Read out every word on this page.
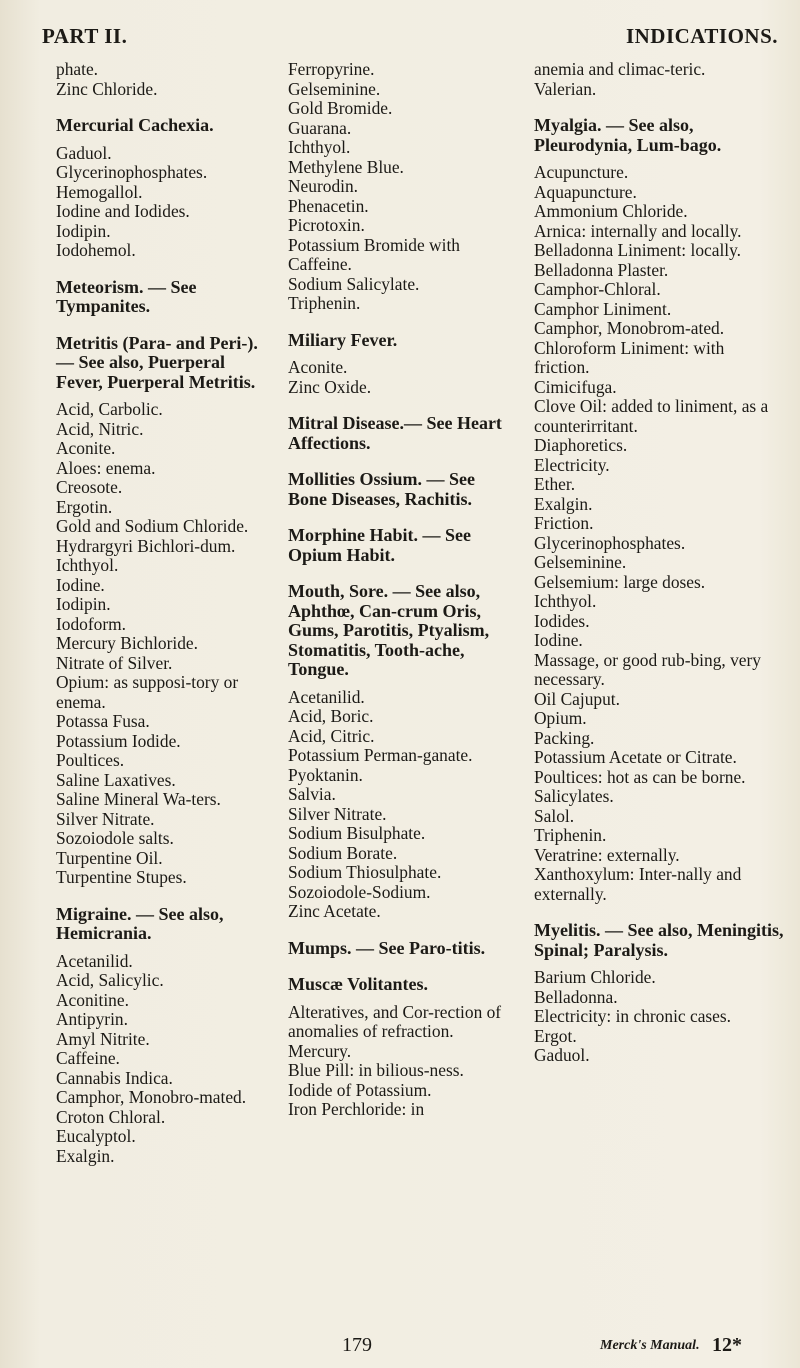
PART II.	INDICATIONS.
phate.
Zinc Chloride.
Mercurial Cachexia.
Gaduol.
Glycerinophosphates.
Hemogallol.
Iodine and Iodides.
Iodipin.
Iodohemol.
Meteorism. — See Tympanites.
Metritis (Para- and Peri-). — See also, Puerperal Fever, Puerperal Metritis.
Acid, Carbolic.
Acid, Nitric.
Aconite.
Aloes: enema.
Creosote.
Ergotin.
Gold and Sodium Chloride.
Hydrargyri Bichlori-dum.
Ichthyol.
Iodine.
Iodipin.
Iodoform.
Mercury Bichloride.
Nitrate of Silver.
Opium: as supposi-tory or enema.
Potassa Fusa.
Potassium Iodide.
Poultices.
Saline Laxatives.
Saline Mineral Wa-ters.
Silver Nitrate.
Sozoiodole salts.
Turpentine Oil.
Turpentine Stupes.
Migraine. — See also, Hemicrania.
Acetanilid.
Acid, Salicylic.
Aconitine.
Antipyrin.
Amyl Nitrite.
Caffeine.
Cannabis Indica.
Camphor, Monobro-mated.
Croton Chloral.
Eucalyptol.
Exalgin.
Ferropyrine.
Gelseminine.
Gold Bromide.
Guarana.
Ichthyol.
Methylene Blue.
Neurodin.
Phenacetin.
Picrotoxin.
Potassium Bromide with Caffeine.
Sodium Salicylate.
Triphenin.
Miliary Fever.
Aconite.
Zinc Oxide.
Mitral Disease.— See Heart Affections.
Mollities Ossium. — See Bone Diseases, Rachitis.
Morphine Habit. — See Opium Habit.
Mouth, Sore. — See also, Aphthœ, Can-crum Oris, Gums, Parotitis, Ptyalism, Stomatitis, Tooth-ache, Tongue.
Acetanilid.
Acid, Boric.
Acid, Citric.
Potassium Perman-ganate.
Pyoktanin.
Salvia.
Silver Nitrate.
Sodium Bisulphate.
Sodium Borate.
Sodium Thiosulphate.
Sozoiodole-Sodium.
Zinc Acetate.
Mumps. — See Paro-titis.
Muscæ Volitantes.
Alteratives, and Cor-rection of anomalies of refraction.
Mercury.
Blue Pill: in bilious-ness.
Iodide of Potassium.
Iron Perchloride: in
anemia and climac-teric.
Valerian.
Myalgia. — See also, Pleurodynia, Lum-bago.
Acupuncture.
Aquapuncture.
Ammonium Chloride.
Arnica: internally and locally.
Belladonna Liniment: locally.
Belladonna Plaster.
Camphor-Chloral.
Camphor Liniment.
Camphor, Monobrom-ated.
Chloroform Liniment: with friction.
Cimicifuga.
Clove Oil: added to liniment, as a counterirritant.
Diaphoretics.
Electricity.
Ether.
Exalgin.
Friction.
Glycerinophosphates.
Gelseminine.
Gelsemium: large doses.
Ichthyol.
Iodides.
Iodine.
Massage, or good rub-bing, very necessary.
Oil Cajuput.
Opium.
Packing.
Potassium Acetate or Citrate.
Poultices: hot as can be borne.
Salicylates.
Salol.
Triphenin.
Veratrine: externally.
Xanthoxylum: Inter-nally and externally.
Myelitis. — See also, Meningitis, Spinal; Paralysis.
Barium Chloride.
Belladonna.
Electricity: in chronic cases.
Ergot.
Gaduol.
179	Merck's Manual. 12*
